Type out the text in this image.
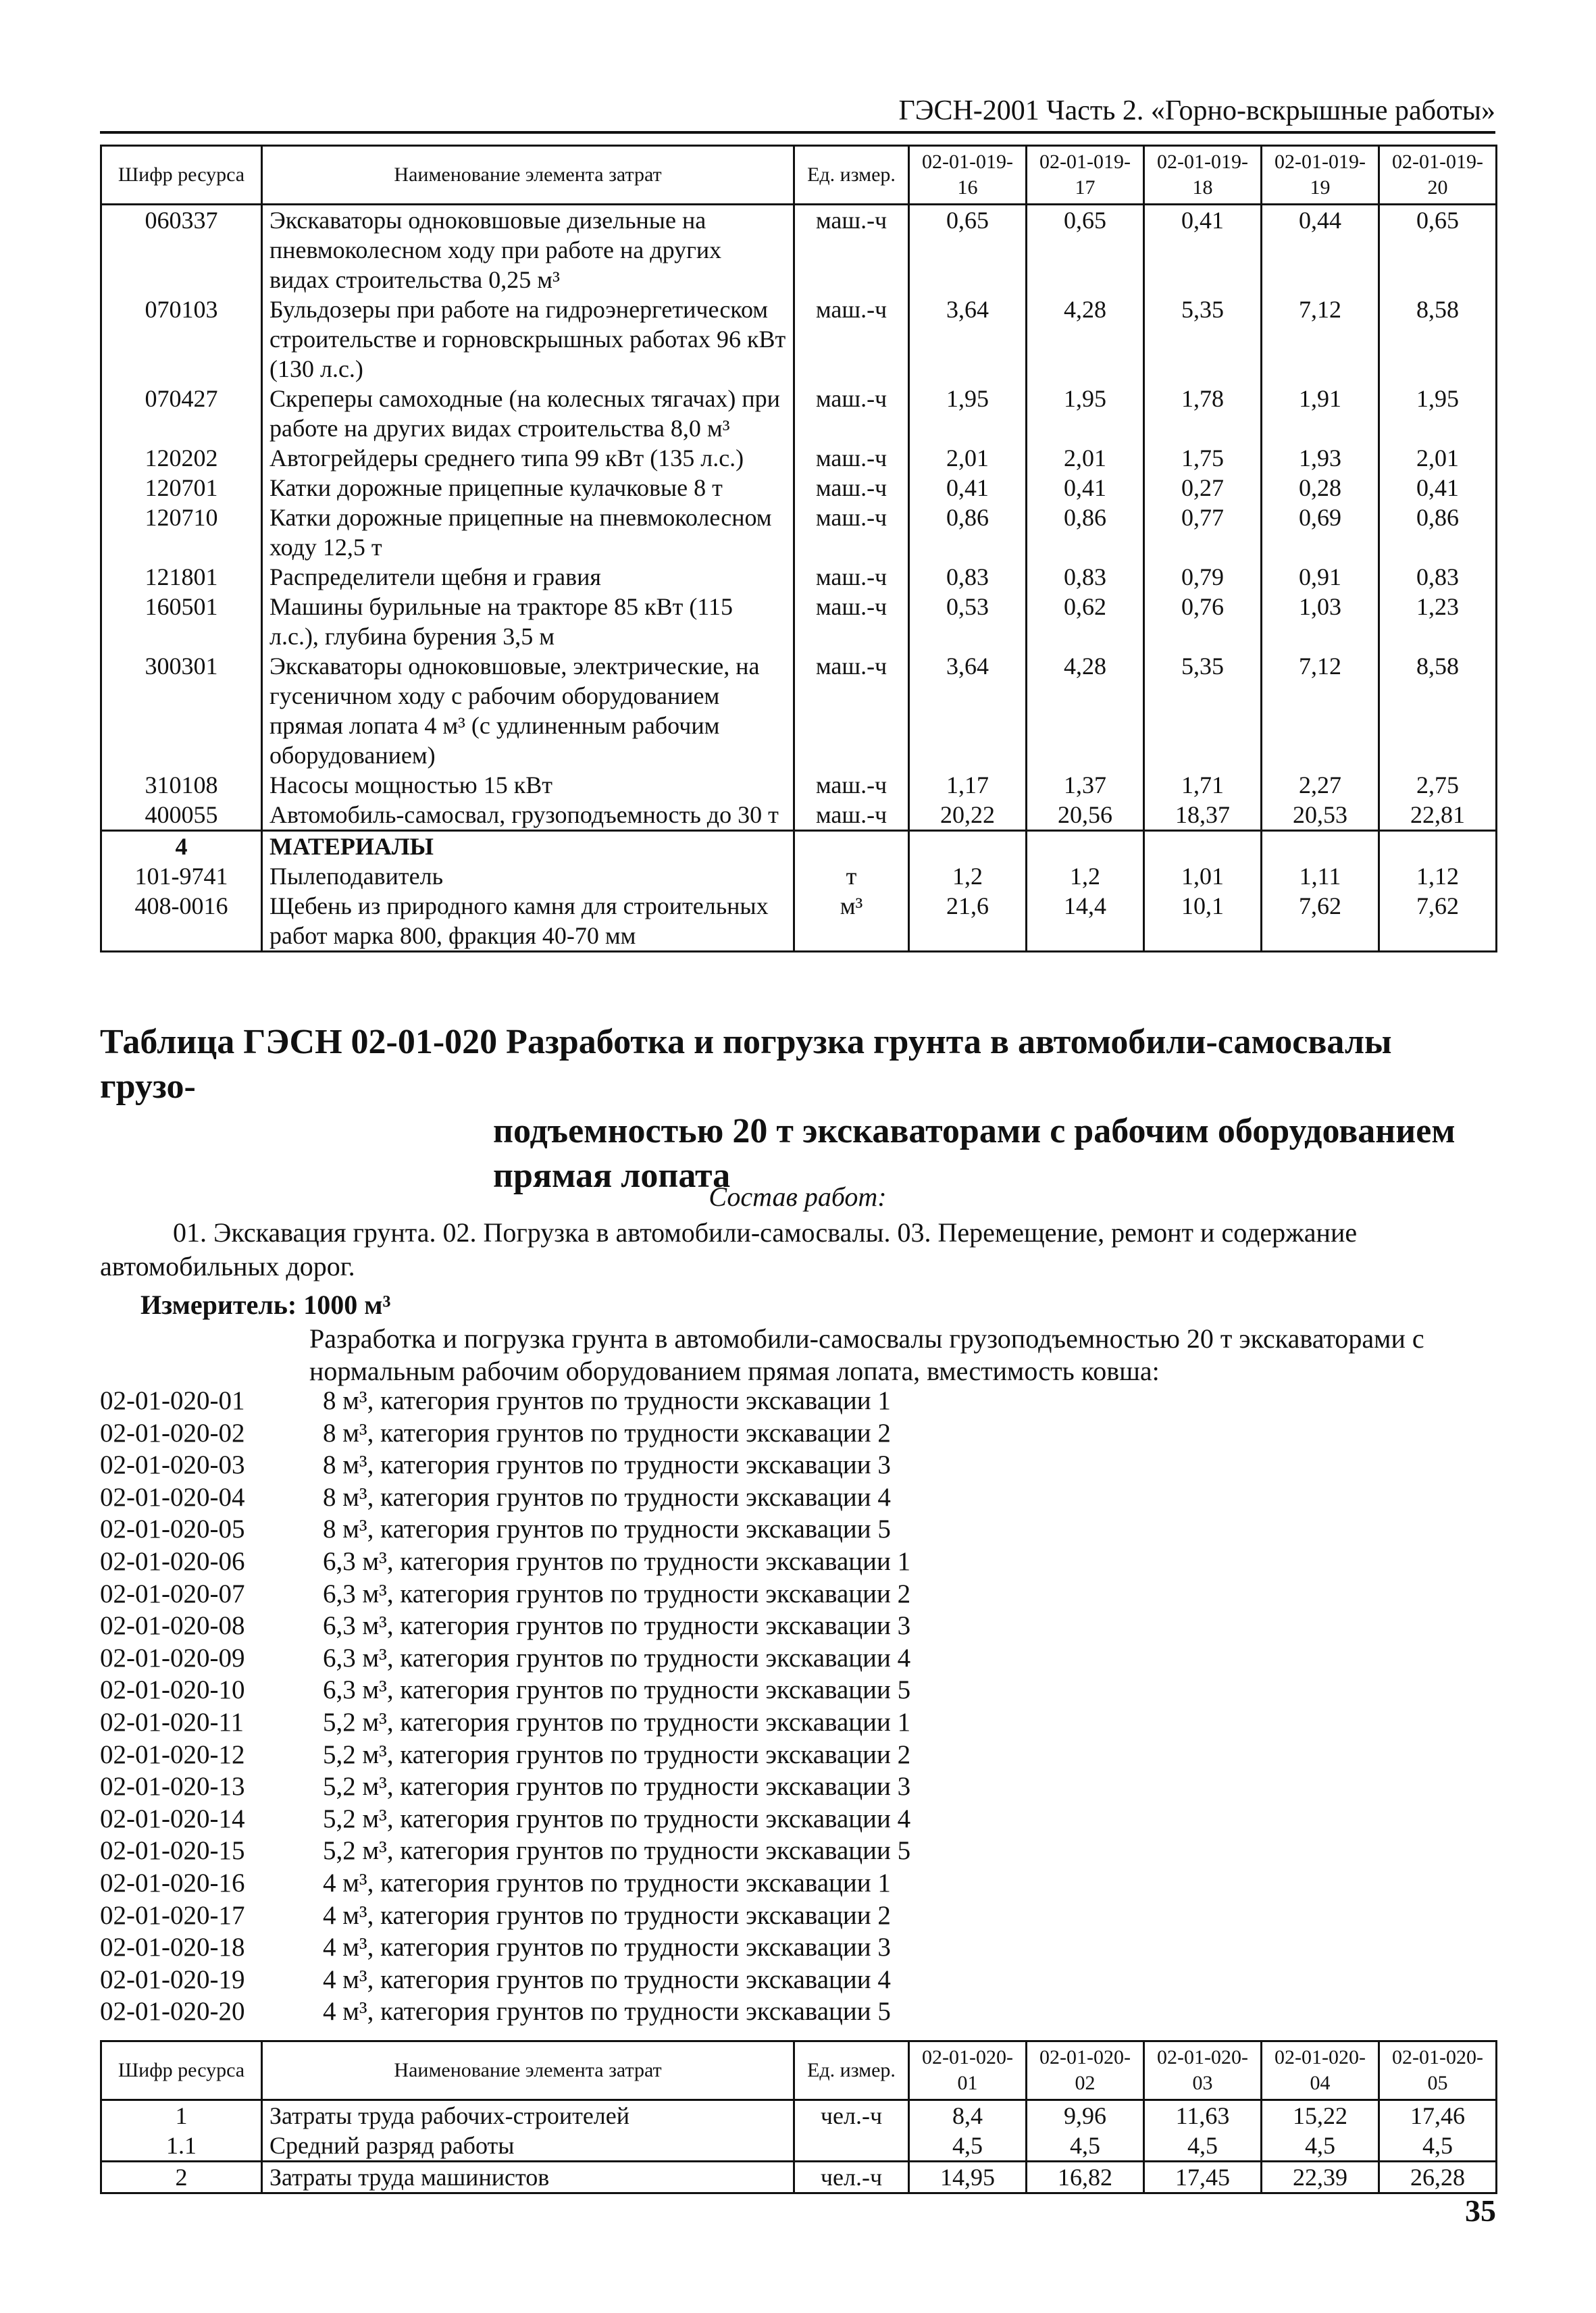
ГЭСН-2001 Часть 2. «Горно-вскрышные работы»
Шифр ресурса	Наименование элемента затрат	Ед. измер.	02-01-019-16	02-01-019-17	02-01-019-18	02-01-019-19	02-01-019-20
060337	Экскаваторы одноковшовые дизельные на пневмоколесном ходу при работе на других видах строительства 0,25 м³	маш.-ч	0,65	0,65	0,41	0,44	0,65
070103	Бульдозеры при работе на гидроэнергетическом строительстве и горновскрышных работах 96 кВт (130 л.с.)	маш.-ч	3,64	4,28	5,35	7,12	8,58
070427	Скреперы самоходные (на колесных тягачах) при работе на других видах строительства 8,0 м³	маш.-ч	1,95	1,95	1,78	1,91	1,95
120202	Автогрейдеры среднего типа 99 кВт (135 л.с.)	маш.-ч	2,01	2,01	1,75	1,93	2,01
120701	Катки дорожные прицепные кулачковые 8 т	маш.-ч	0,41	0,41	0,27	0,28	0,41
120710	Катки дорожные прицепные на пневмоколесном ходу 12,5 т	маш.-ч	0,86	0,86	0,77	0,69	0,86
121801	Распределители щебня и гравия	маш.-ч	0,83	0,83	0,79	0,91	0,83
160501	Машины бурильные на тракторе 85 кВт (115 л.с.), глубина бурения 3,5 м	маш.-ч	0,53	0,62	0,76	1,03	1,23
300301	Экскаваторы одноковшовые, электрические, на гусеничном ходу с рабочим оборудованием прямая лопата 4 м³ (с удлиненным рабочим оборудованием)	маш.-ч	3,64	4,28	5,35	7,12	8,58
310108	Насосы мощностью 15 кВт	маш.-ч	1,17	1,37	1,71	2,27	2,75
400055	Автомобиль-самосвал, грузоподъемность до 30 т	маш.-ч	20,22	20,56	18,37	20,53	22,81
4	МАТЕРИАЛЫ						
101-9741	Пылеподавитель	т	1,2	1,2	1,01	1,11	1,12
408-0016	Щебень из природного камня для строительных работ марка 800, фракция 40-70 мм	м³	21,6	14,4	10,1	7,62	7,62
Таблица ГЭСН 02-01-020 Разработка и погрузка грунта в автомобили-самосвалы грузо-
подъемностью 20 т экскаваторами с рабочим оборудованием
прямая лопата
Состав работ:
01. Экскавация грунта. 02. Погрузка в автомобили-самосвалы. 03. Перемещение, ремонт и содержание автомобильных дорог.
Измеритель: 1000 м³
Разработка и погрузка грунта в автомобили-самосвалы грузоподъемностью 20 т экскаваторами с нормальным рабочим оборудованием прямая лопата, вместимость ковша:
02-01-020-01	8 м³, категория грунтов по трудности экскавации 1
02-01-020-02	8 м³, категория грунтов по трудности экскавации 2
02-01-020-03	8 м³, категория грунтов по трудности экскавации 3
02-01-020-04	8 м³, категория грунтов по трудности экскавации 4
02-01-020-05	8 м³, категория грунтов по трудности экскавации 5
02-01-020-06	6,3 м³, категория грунтов по трудности экскавации 1
02-01-020-07	6,3 м³, категория грунтов по трудности экскавации 2
02-01-020-08	6,3 м³, категория грунтов по трудности экскавации 3
02-01-020-09	6,3 м³, категория грунтов по трудности экскавации 4
02-01-020-10	6,3 м³, категория грунтов по трудности экскавации 5
02-01-020-11	5,2 м³, категория грунтов по трудности экскавации 1
02-01-020-12	5,2 м³, категория грунтов по трудности экскавации 2
02-01-020-13	5,2 м³, категория грунтов по трудности экскавации 3
02-01-020-14	5,2 м³, категория грунтов по трудности экскавации 4
02-01-020-15	5,2 м³, категория грунтов по трудности экскавации 5
02-01-020-16	4 м³, категория грунтов по трудности экскавации 1
02-01-020-17	4 м³, категория грунтов по трудности экскавации 2
02-01-020-18	4 м³, категория грунтов по трудности экскавации 3
02-01-020-19	4 м³, категория грунтов по трудности экскавации 4
02-01-020-20	4 м³, категория грунтов по трудности экскавации 5
Шифр ресурса	Наименование элемента затрат	Ед. измер.	02-01-020-01	02-01-020-02	02-01-020-03	02-01-020-04	02-01-020-05
1	Затраты труда рабочих-строителей	чел.-ч	8,4	9,96	11,63	15,22	17,46
1.1	Средний разряд работы		4,5	4,5	4,5	4,5	4,5
2	Затраты труда машинистов	чел.-ч	14,95	16,82	17,45	22,39	26,28
35
